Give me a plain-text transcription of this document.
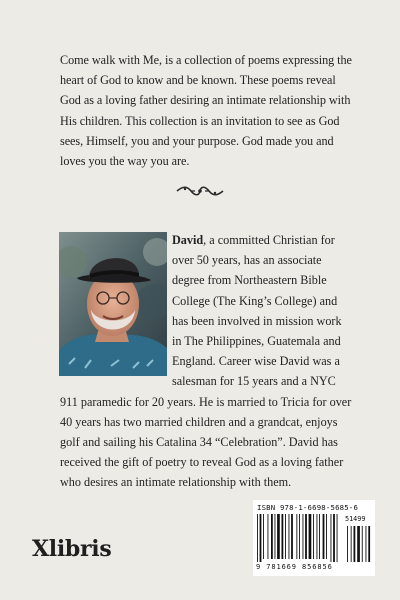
Come walk with Me, is a collection of poems expressing the heart of God to know and be known. These poems reveal God as a loving father desiring an intimate relationship with His children. This collection is an invitation to see as God sees, Himself, you and your purpose. God made you and loves you the way you are.

David, a committed Christian for over 50 years, has an associate degree from Northeastern Bible College (The King’s College) and has been involved in mission work in The Philippines, Guatemala and England. Career wise David was a salesman for 15 years and a NYC 911 paramedic for 20 years. He is married to Tricia for over 40 years has two married children and a grandcat, enjoys golf and sailing his Catalina 34 “Celebration”. David has received the gift of poetry to reveal God as a loving father who desires an intimate relationship with them.

Xlibris
ISBN 978-1-6698-5685-6
51499
9 781669 856856
